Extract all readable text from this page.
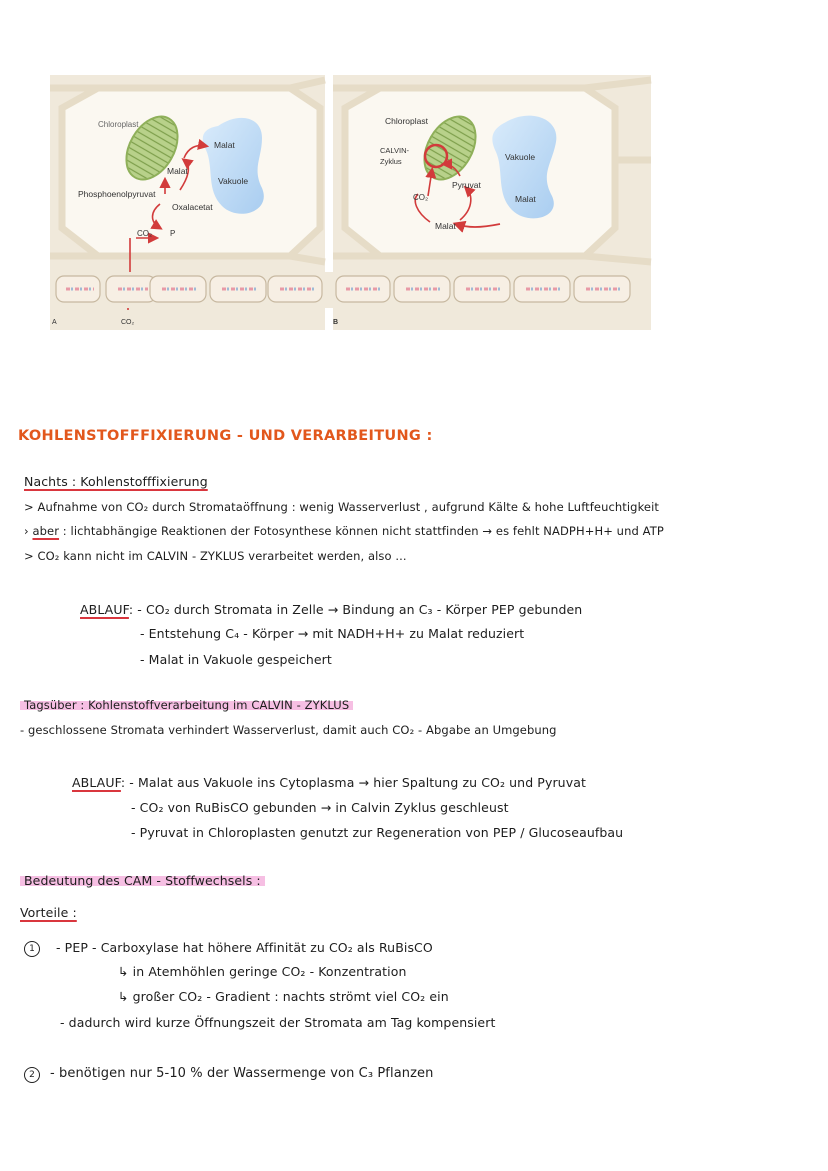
A
Chloroplast
Malat
Malat
Vakuole
Phosphoenolpyruvat
Oxalacetat
CO₂ P
CO₂	B
Chloroplast
CALVIN-
Zyklus	Vakuole
Pyruvat
CO₂	Malat
Malat
KOHLENSTOFFFIXIERUNG - UND VERARBEITUNG :
Nachts : Kohlenstofffixierung
> Aufnahme von CO₂ durch Stromataöffnung : wenig Wasserverlust , aufgrund Kälte & hohe Luftfeuchtigkeit
› aber : lichtabhängige Reaktionen der Fotosynthese können nicht stattfinden → es fehlt NADPH+H+ und ATP
> CO₂ kann nicht im CALVIN - ZYKLUS verarbeitet werden, also ...
ABLAUF: - CO₂ durch Stromata in Zelle → Bindung an C₃ - Körper PEP gebunden
- Entstehung C₄ - Körper → mit NADH+H+ zu Malat reduziert
- Malat in Vakuole gespeichert
Tagsüber : Kohlenstoffverarbeitung im CALVIN - ZYKLUS
- geschlossene Stromata verhindert Wasserverlust, damit auch CO₂ - Abgabe an Umgebung
ABLAUF: - Malat aus Vakuole ins Cytoplasma → hier Spaltung zu CO₂ und Pyruvat
- CO₂ von RuBisCO gebunden → in Calvin Zyklus geschleust
- Pyruvat in Chloroplasten genutzt zur Regeneration von PEP / Glucoseaufbau
Bedeutung des CAM - Stoffwechsels :
Vorteile :
1	- PEP - Carboxylase hat höhere Affinität zu CO₂ als RuBisCO
↳ in Atemhöhlen geringe CO₂ - Konzentration
↳ großer CO₂ - Gradient : nachts strömt viel CO₂ ein
- dadurch wird kurze Öffnungszeit der Stromata am Tag kompensiert
2	- benötigen nur 5-10 % der Wassermenge von C₃ Pflanzen
